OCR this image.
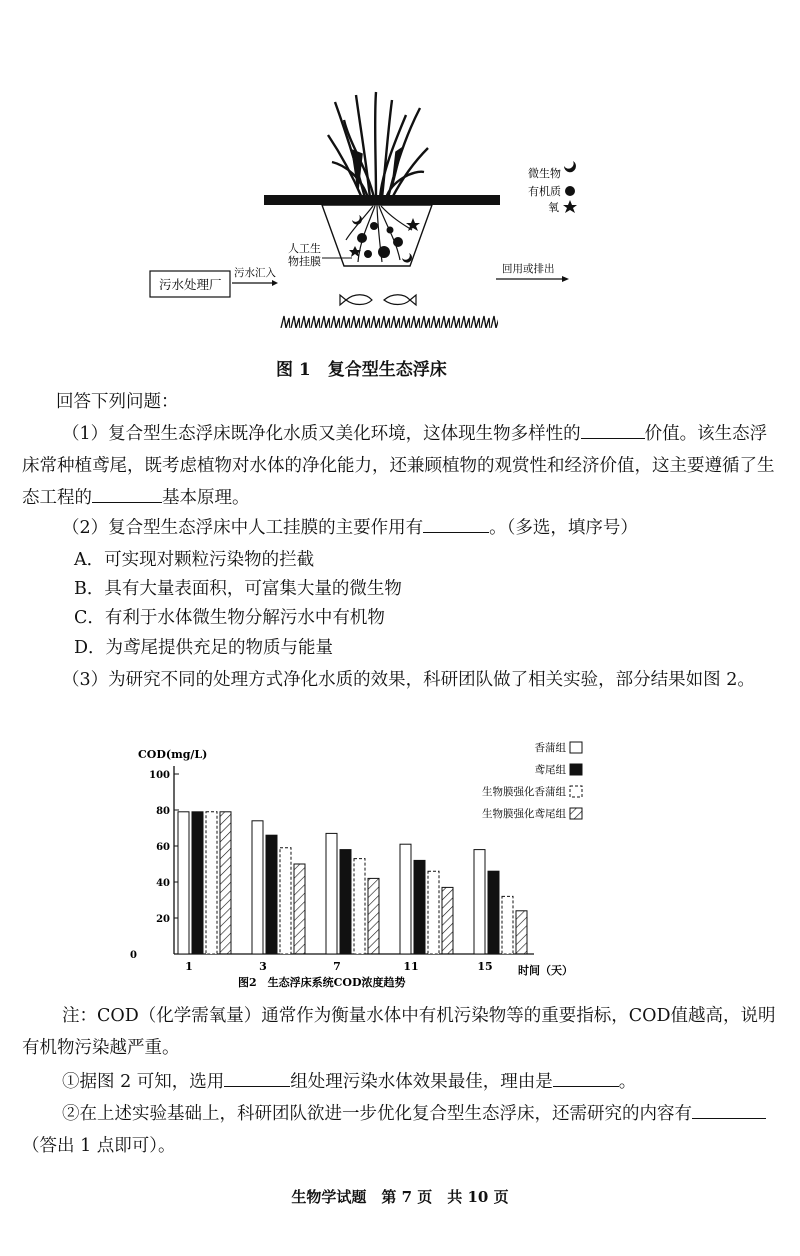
微生物
有机质
氧
人工生
物挂膜
污水处理厂
污水汇入	回用或排出
图 1　复合型生态浮床
回答下列问题：
（1）复合型生态浮床既净化水质又美化环境，这体现生物多样性的	价值。该生态浮床常种植鸢尾，既考虑植物对水体的净化能力，还兼顾植物的观赏性和经济价值，这主要遵循了生态工程的	基本原理。
（2）复合型生态浮床中人工挂膜的主要作用有	。（多选，填序号）
A．可实现对颗粒污染物的拦截
B．具有大量表面积，可富集大量的微生物
C．有利于水体微生物分解污水中有机物
D．为鸢尾提供充足的物质与能量
（3）为研究不同的处理方式净化水质的效果，科研团队做了相关实验，部分结果如图 2。
COD(mg/L)
0
20
40
60
80
100
1	3	7	11	15
香蒲组
鸢尾组
生物膜强化香蒲组
生物膜强化鸢尾组
时间（天）
图2　生态浮床系统COD浓度趋势
注：COD（化学需氧量）通常作为衡量水体中有机污染物等的重要指标，COD值越高，说明有机物污染越严重。
①据图 2 可知，选用	组处理污染水体效果最佳，理由是	。
②在上述实验基础上，科研团队欲进一步优化复合型生态浮床，还需研究的内容有（答出 1 点即可）。
生物学试题　第 7 页　共 10 页
